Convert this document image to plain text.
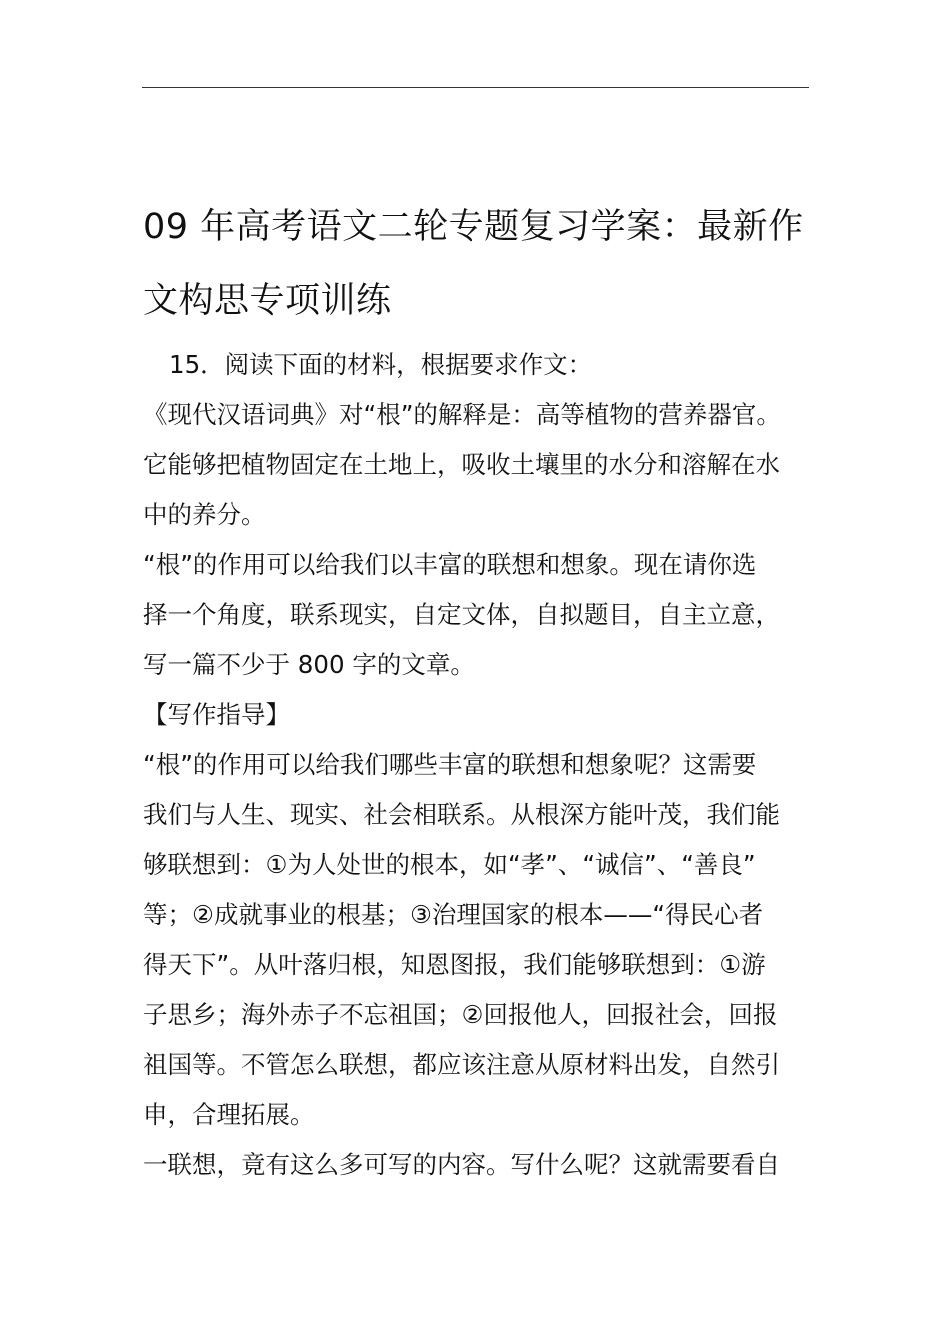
09 年高考语文二轮专题复习学案：最新作文构思专项训练
15．阅读下面的材料，根据要求作文：
《现代汉语词典》对“根”的解释是：高等植物的营养器官。
它能够把植物固定在土地上，吸收土壤里的水分和溶解在水
中的养分。
“根”的作用可以给我们以丰富的联想和想象。现在请你选
择一个角度，联系现实，自定文体，自拟题目，自主立意，
写一篇不少于 800 字的文章。
【写作指导】
“根”的作用可以给我们哪些丰富的联想和想象呢？这需要
我们与人生、现实、社会相联系。从根深方能叶茂，我们能
够联想到：①为人处世的根本，如“孝”、“诚信”、“善良”
等；②成就事业的根基；③治理国家的根本——“得民心者
得天下”。从叶落归根，知恩图报，我们能够联想到：①游
子思乡；海外赤子不忘祖国；②回报他人，回报社会，回报
祖国等。不管怎么联想，都应该注意从原材料出发，自然引
申，合理拓展。
一联想，竟有这么多可写的内容。写什么呢？这就需要看自
